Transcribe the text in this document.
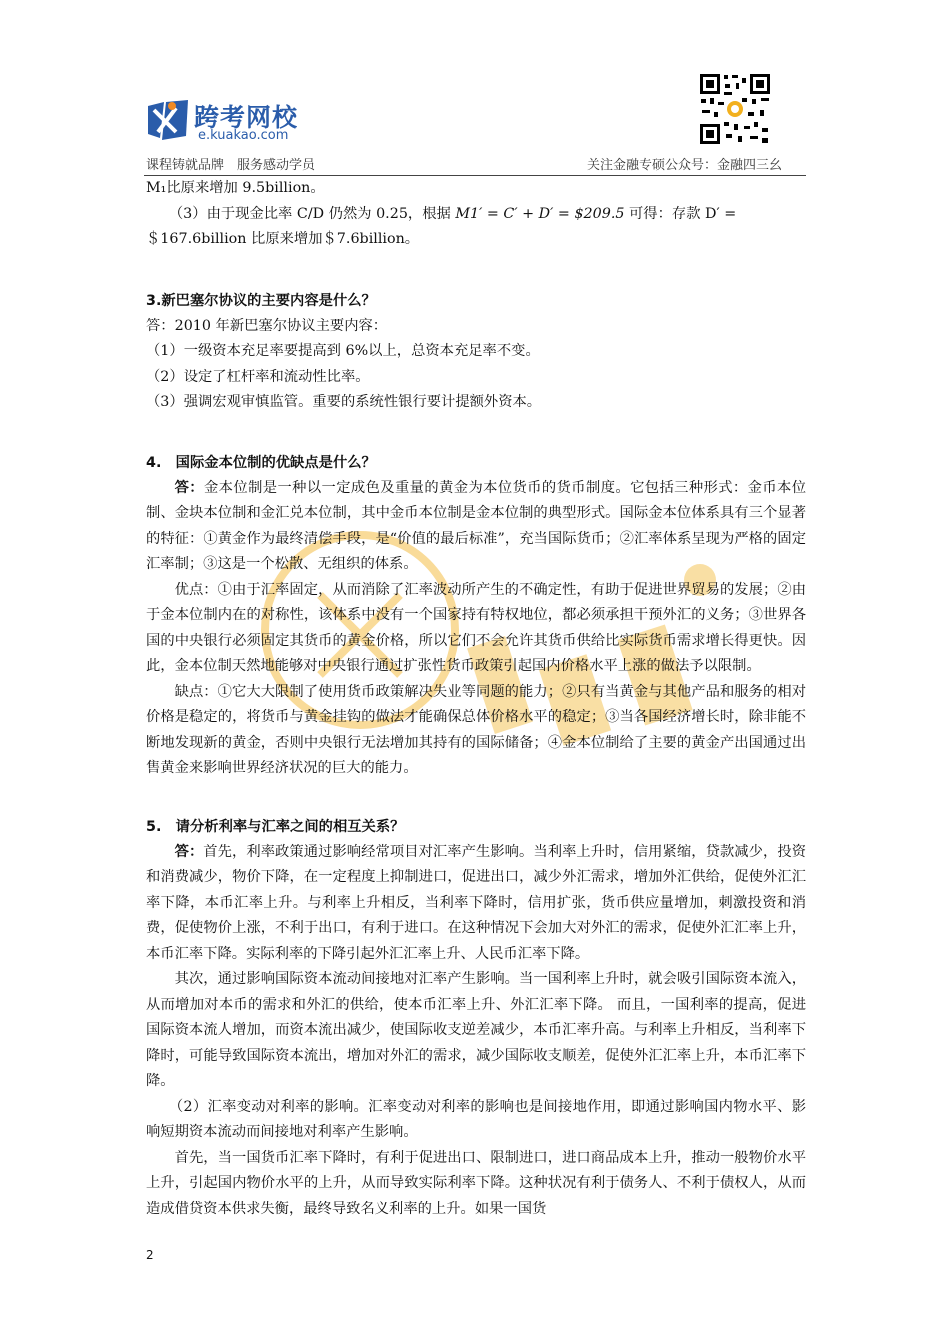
跨考网校
e.kuakao.com
课程铸就品牌　服务感动学员	关注金融专硕公众号：金融四三幺

M₁比原来增加 9.5billion。

（3）由于现金比率 C/D 仍然为 0.25，根据 M1′ = C′ + D′ = $209.5 可得：存款 D′ =

＄167.6billion 比原来增加＄7.6billion。

3.新巴塞尔协议的主要内容是什么？

答：2010 年新巴塞尔协议主要内容：

（1）一级资本充足率要提高到 6%以上，总资本充足率不变。

（2）设定了杠杆率和流动性比率。

（3）强调宏观审慎监管。重要的系统性银行要计提额外资本。

4.　国际金本位制的优缺点是什么？

答：金本位制是一种以一定成色及重量的黄金为本位货币的货币制度。它包括三种形式：金币本位制、金块本位制和金汇兑本位制，其中金币本位制是金本位制的典型形式。国际金本位体系具有三个显著的特征：①黄金作为最终清偿手段，是“价值的最后标准”，充当国际货币；②汇率体系呈现为严格的固定汇率制；③这是一个松散、无组织的体系。

优点：①由于汇率固定，从而消除了汇率波动所产生的不确定性，有助于促进世界贸易的发展；②由于金本位制内在的对称性，该体系中没有一个国家持有特权地位，都必须承担干预外汇的义务；③世界各国的中央银行必须固定其货币的黄金价格，所以它们不会允许其货币供给比实际货币需求增长得更快。因此，金本位制天然地能够对中央银行通过扩张性货币政策引起国内价格水平上涨的做法予以限制。

缺点：①它大大限制了使用货币政策解决失业等同题的能力；②只有当黄金与其他产品和服务的相对价格是稳定的，将货币与黄金挂钩的做法才能确保总体价格水平的稳定；③当各国经济增长时，除非能不断地发现新的黄金，否则中央银行无法增加其持有的国际储备；④金本位制给了主要的黄金产出国通过出售黄金来影响世界经济状况的巨大的能力。

5.　请分析利率与汇率之间的相互关系？

答：首先，利率政策通过影响经常项目对汇率产生影响。当利率上升时，信用紧缩，贷款减少，投资和消费减少，物价下降，在一定程度上抑制进口，促进出口，减少外汇需求，增加外汇供给，促使外汇汇率下降，本币汇率上升。与利率上升相反，当利率下降时，信用扩张，货币供应量增加，刺激投资和消费，促使物价上涨，不利于出口，有利于进口。在这种情况下会加大对外汇的需求，促使外汇汇率上升，本币汇率下降。实际利率的下降引起外汇汇率上升、人民币汇率下降。

其次，通过影响国际资本流动间接地对汇率产生影响。当一国利率上升时，就会吸引国际资本流入，从而增加对本币的需求和外汇的供给，使本币汇率上升、外汇汇率下降。 而且，一国利率的提高，促进国际资本流人增加，而资本流出减少，使国际收支逆差减少，本币汇率升高。与利率上升相反，当利率下降时，可能导致国际资本流出，增加对外汇的需求，减少国际收支顺差，促使外汇汇率上升，本币汇率下降。

（2）汇率变动对利率的影响。汇率变动对利率的影响也是间接地作用，即通过影响国内物水平、影响短期资本流动而间接地对利率产生影响。

首先，当一国货币汇率下降时，有利于促进出口、限制进口，进口商品成本上升，推动一般物价水平上升，引起国内物价水平的上升，从而导致实际利率下降。这种状况有利于债务人、不利于债权人，从而造成借贷资本供求失衡，最终导致名义利率的上升。如果一国货

2
